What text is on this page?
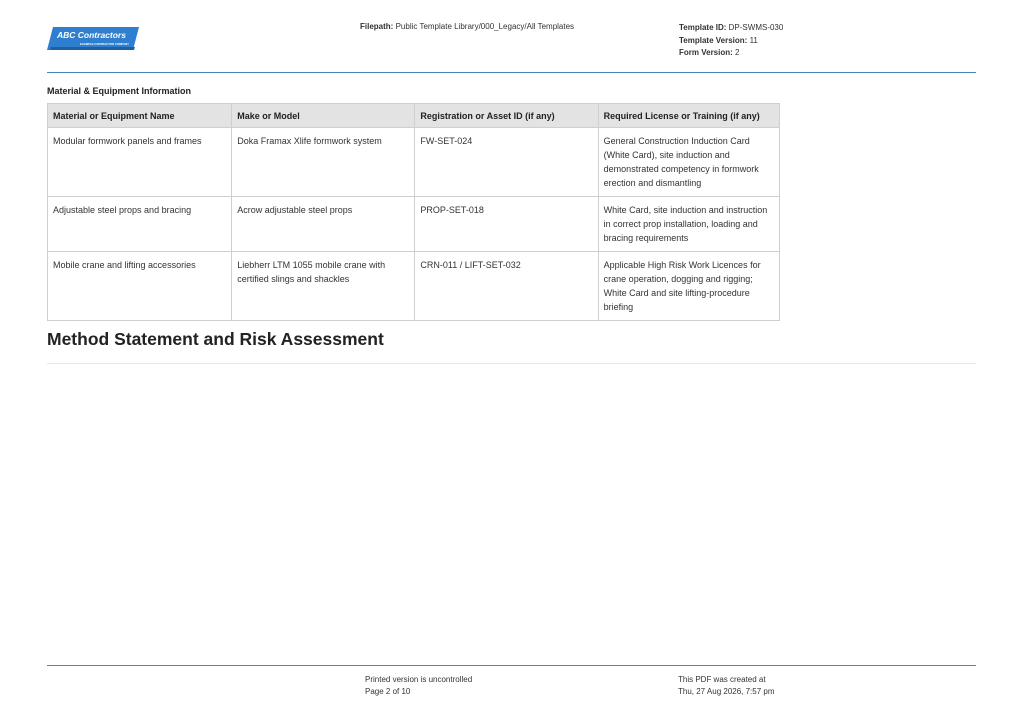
ABC Contractors
EXAMPLE CONTRACTOR COMPANY
Filepath: Public Template Library/000_Legacy/All Templates	Template ID: DP-SWMS-030
Template Version: 11
Form Version: 2
Material & Equipment Information
Material or Equipment Name	Make or Model	Registration or Asset ID (if any)	Required License or Training (if any)
Modular formwork panels and frames	Doka Framax Xlife formwork system	FW-SET-024	General Construction Induction Card (White Card), site induction and demonstrated competency in formwork erection and dismantling
Adjustable steel props and bracing	Acrow adjustable steel props	PROP-SET-018	White Card, site induction and instruction in correct prop installation, loading and bracing requirements
Mobile crane and lifting accessories	Liebherr LTM 1055 mobile crane with certified slings and shackles	CRN-011 / LIFT-SET-032	Applicable High Risk Work Licences for crane operation, dogging and rigging; White Card and site lifting-procedure briefing
Method Statement and Risk Assessment
Printed version is uncontrolled
Page 2 of 10
This PDF was created at
Thu, 27 Aug 2026, 7:57 pm
